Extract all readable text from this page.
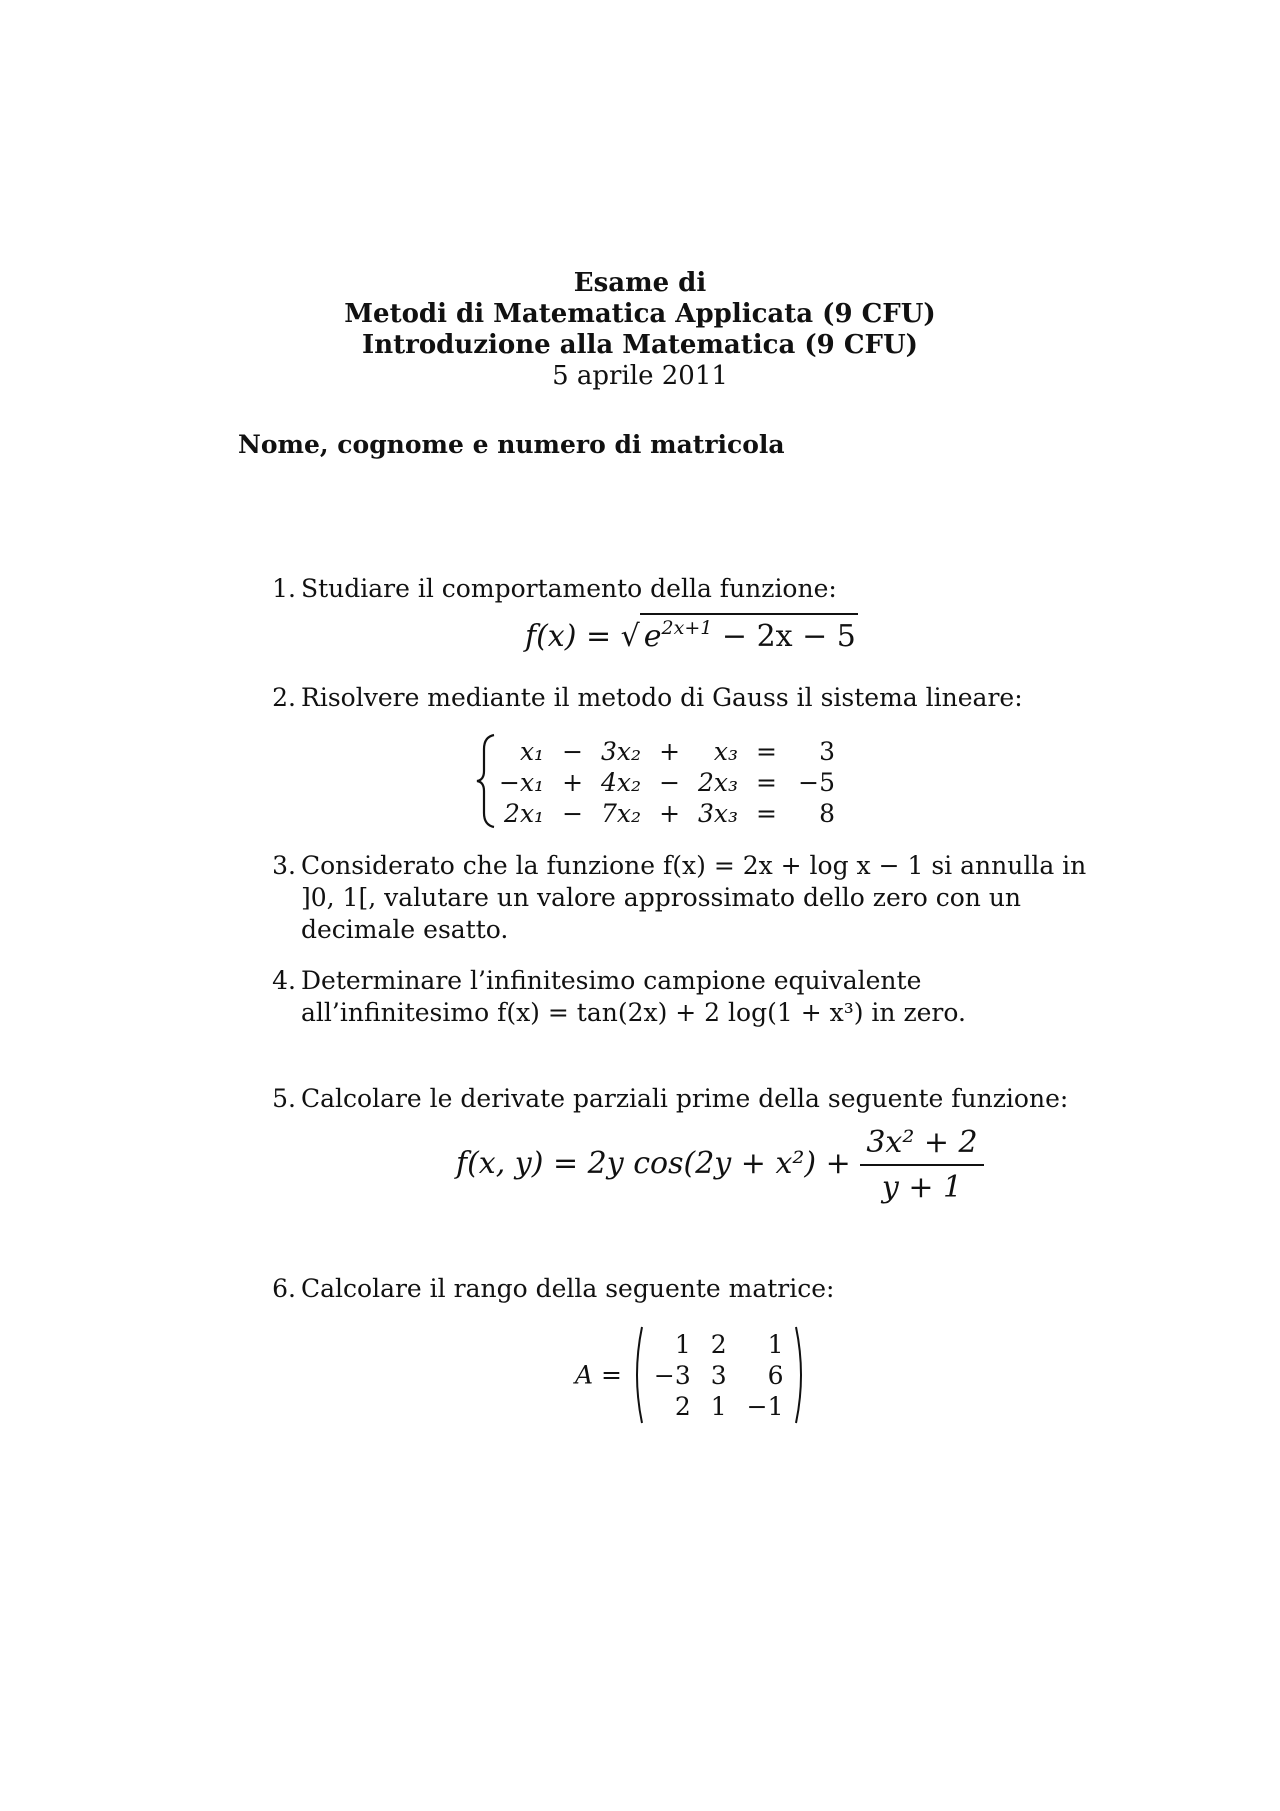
Esame di
Metodi di Matematica Applicata (9 CFU)
Introduzione alla Matematica (9 CFU)
5 aprile 2011
Nome, cognome e numero di matricola
1. Studiare il comportamento della funzione:
f(x) = √ $e^{2x+1} - 2x - 5$
2. Risolvere mediante il metodo di Gauss il sistema lineare:
x₁	−	3x₂	+	x₃	=	3
−x₁	+	4x₂	−	2x₃	=	−5
2x₁	−	7x₂	+	3x₃	=	8
3. Considerato che la funzione f(x) = 2x + log x − 1 si annulla in ]0, 1[, valutare un valore approssimato dello zero con un decimale esatto.
4. Determinare l’infinitesimo campione equivalente all’infinitesimo f(x) = tan(2x) + 2 log(1 + x³) in zero.
5. Calcolare le derivate parziali prime della seguente funzione:
f(x, y) = 2y $\cos(2y + x^2) + \frac{\text{3x² + 2}}{y + 1}$
6. Calcolare il rango della seguente matrice:
A = 1	2	1
−3	3	6
2	1	−1
